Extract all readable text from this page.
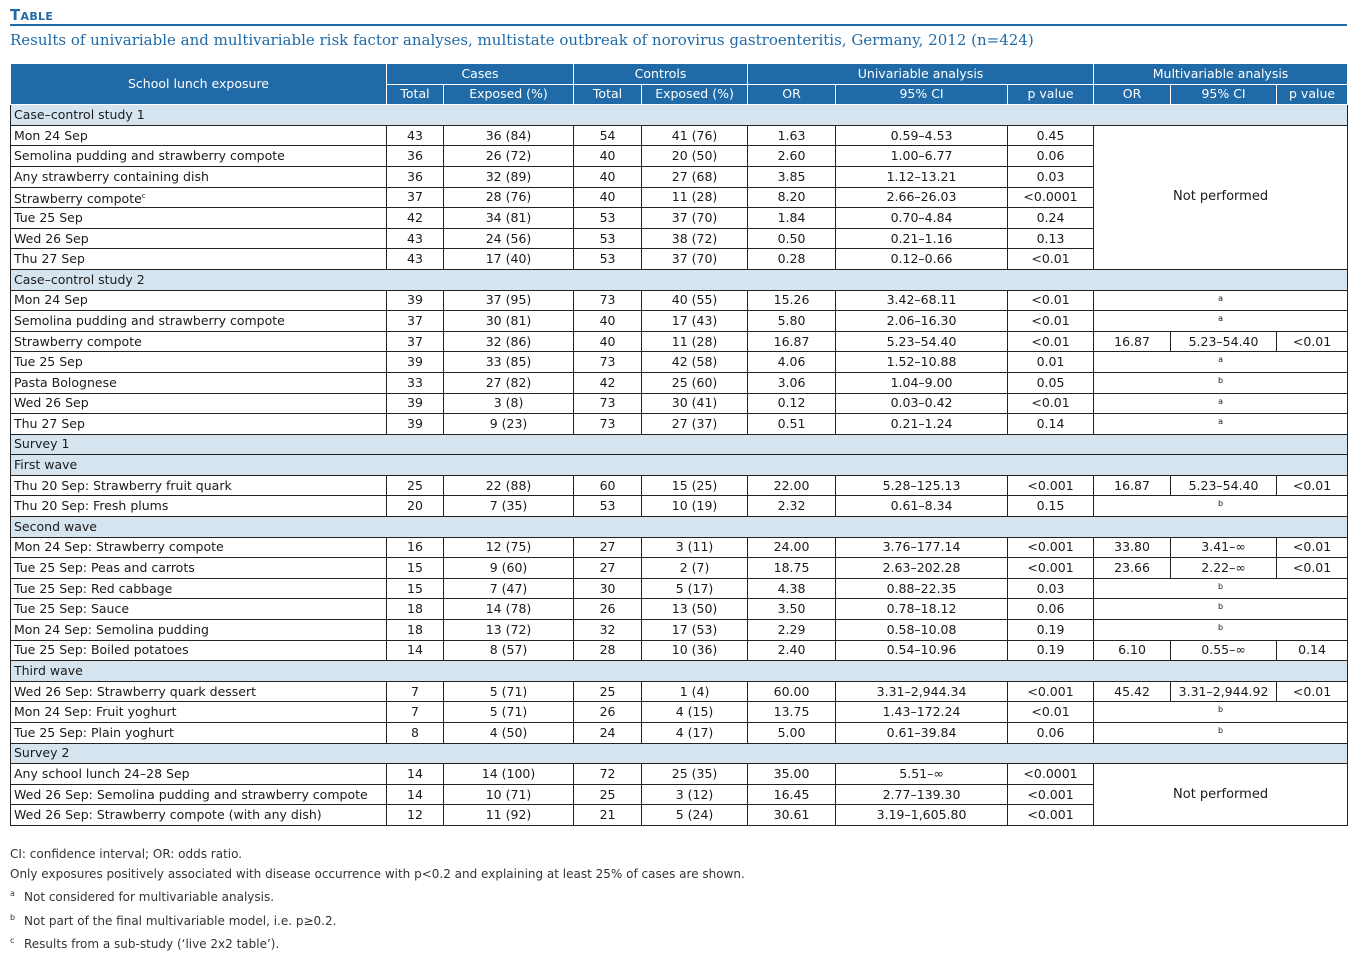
Table
Results of univariable and multivariable risk factor analyses, multistate outbreak of norovirus gastroenteritis, Germany, 2012 (n=424)
School lunch exposure	Cases		Controls		Univariable analysis			Multivariable analysis		
	Total	Exposed (%)	Total	Exposed (%)	OR	95% CI	p value	OR	95% CI	p value
Case–control study 1										
Mon 24 Sep	43	36 (84)	54	41 (76)	1.63	0.59–4.53	0.45	Not performed		
Semolina pudding and strawberry compote	36	26 (72)	40	20 (50)	2.60	1.00–6.77	0.06			
Any strawberry containing dish	36	32 (89)	40	27 (68)	3.85	1.12–13.21	0.03			
Strawberry compote$^c$	37	28 (76)	40	11 (28)	8.20	2.66–26.03	<0.0001			
Tue 25 Sep	42	34 (81)	53	37 (70)	1.84	0.70–4.84	0.24			
Wed 26 Sep	43	24 (56)	53	38 (72)	0.50	0.21–1.16	0.13			
Thu 27 Sep	43	17 (40)	53	37 (70)	0.28	0.12–0.66	<0.01			
Case–control study 2										
Mon 24 Sep	39	37 (95)	73	40 (55)	15.26	3.42–68.11	<0.01	a		
Semolina pudding and strawberry compote	37	30 (81)	40	17 (43)	5.80	2.06–16.30	<0.01	a		
Strawberry compote	37	32 (86)	40	11 (28)	16.87	5.23–54.40	<0.01	16.87	5.23–54.40	<0.01
Tue 25 Sep	39	33 (85)	73	42 (58)	4.06	1.52–10.88	0.01	a		
Pasta Bolognese	33	27 (82)	42	25 (60)	3.06	1.04–9.00	0.05	b		
Wed 26 Sep	39	3 (8)	73	30 (41)	0.12	0.03–0.42	<0.01	a		
Thu 27 Sep	39	9 (23)	73	27 (37)	0.51	0.21–1.24	0.14	a		
Survey 1										
First wave										
Thu 20 Sep: Strawberry fruit quark	25	22 (88)	60	15 (25)	22.00	5.28–125.13	<0.001	16.87	5.23–54.40	<0.01
Thu 20 Sep: Fresh plums	20	7 (35)	53	10 (19)	2.32	0.61–8.34	0.15	b		
Second wave										
Mon 24 Sep: Strawberry compote	16	12 (75)	27	3 (11)	24.00	3.76–177.14	<0.001	33.80	3.41–∞	<0.01
Tue 25 Sep: Peas and carrots	15	9 (60)	27	2 (7)	18.75	2.63–202.28	<0.001	23.66	2.22–∞	<0.01
Tue 25 Sep: Red cabbage	15	7 (47)	30	5 (17)	4.38	0.88–22.35	0.03	b		
Tue 25 Sep: Sauce	18	14 (78)	26	13 (50)	3.50	0.78–18.12	0.06	b		
Mon 24 Sep: Semolina pudding	18	13 (72)	32	17 (53)	2.29	0.58–10.08	0.19	b		
Tue 25 Sep: Boiled potatoes	14	8 (57)	28	10 (36)	2.40	0.54–10.96	0.19	6.10	0.55–∞	0.14
Third wave										
Wed 26 Sep: Strawberry quark dessert	7	5 (71)	25	1 (4)	60.00	3.31–2,944.34	<0.001	45.42	3.31–2,944.92	<0.01
Mon 24 Sep: Fruit yoghurt	7	5 (71)	26	4 (15)	13.75	1.43–172.24	<0.01	b		
Tue 25 Sep: Plain yoghurt	8	4 (50)	24	4 (17)	5.00	0.61–39.84	0.06	b		
Survey 2										
Any school lunch 24–28 Sep	14	14 (100)	72	25 (35)	35.00	5.51–∞	<0.0001	Not performed		
Wed 26 Sep: Semolina pudding and strawberry compote	14	10 (71)	25	3 (12)	16.45	2.77–139.30	<0.001			
Wed 26 Sep: Strawberry compote (with any dish)	12	11 (92)	21	5 (24)	30.61	3.19–1,605.80	<0.001			
CI: confidence interval; OR: odds ratio.
Only exposures positively associated with disease occurrence with p<0.2 and explaining at least 25% of cases are shown.
a Not considered for multivariable analysis.
b Not part of the final multivariable model, i.e. p≥0.2.
c Results from a sub-study (‘live 2x2 table’).
